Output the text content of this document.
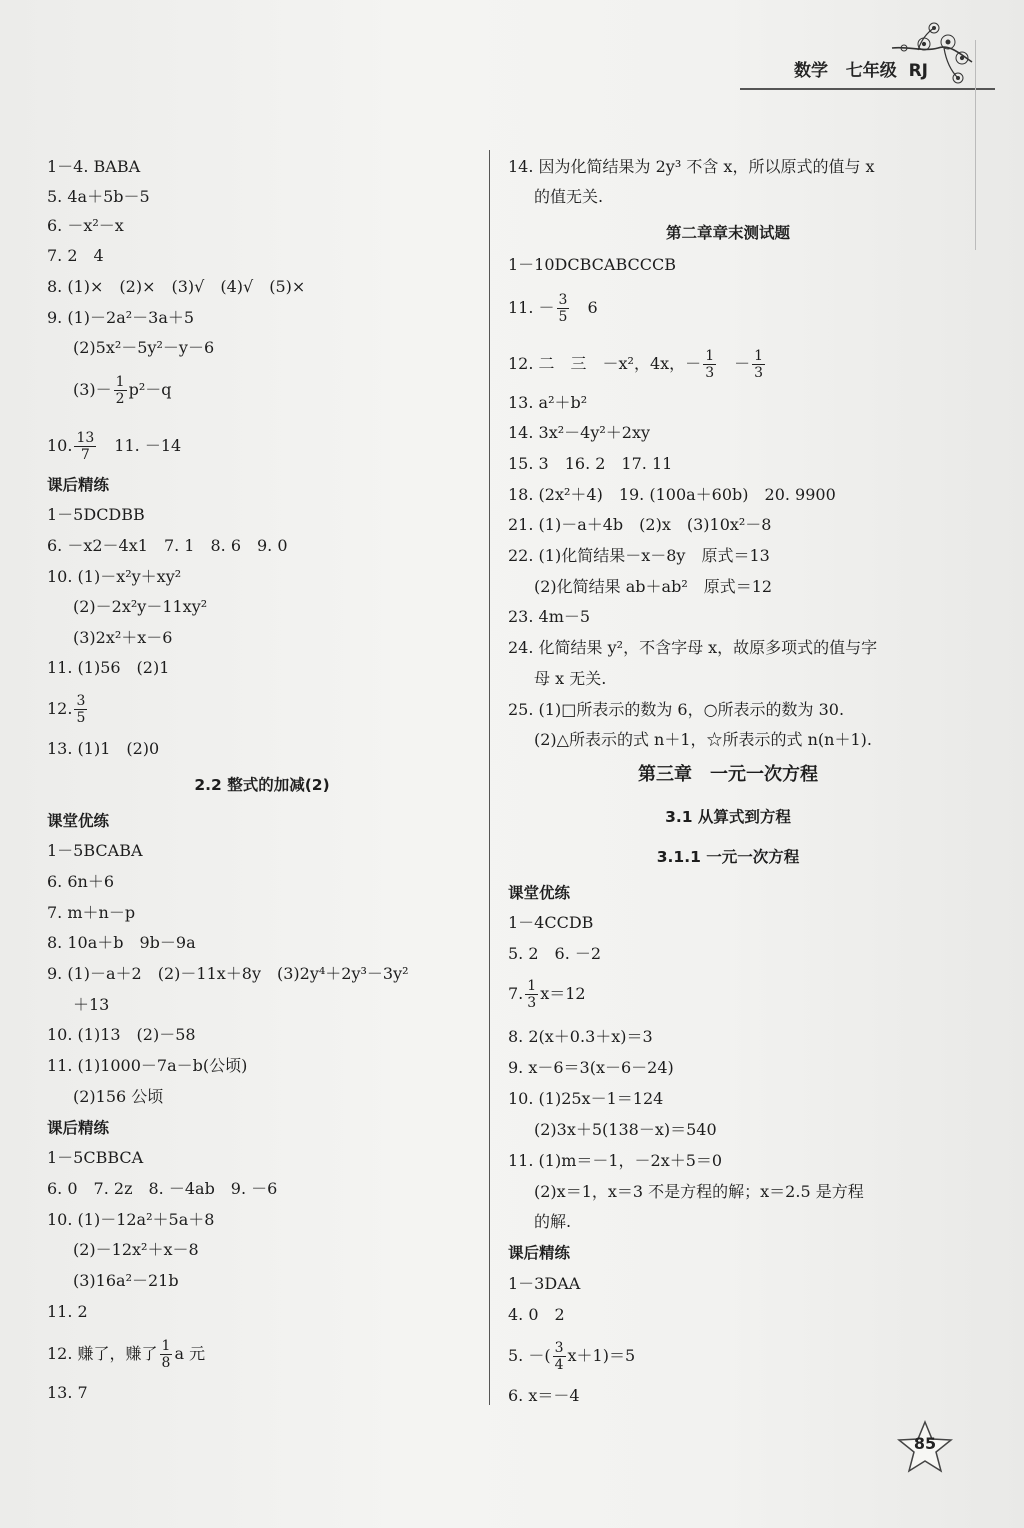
数学 七年级 RJ
1－4. BABA
5. 4a＋5b－5
6. －x²－x
7. 2　4
8. (1)×　(2)×　(3)√　(4)√　(5)×
9. (1)－2a²－3a＋5
(2)5x²－5y²－y－6
$(3)- \frac{1}{2} p^2-q$
10. $\frac{13}{7}$ 　11. －14
课后精练
1－5DCDBB
6. －x2－4x1　7. 1　8. 6　9. 0
10. (1)－x²y＋xy²
(2)－2x²y－11xy²
(3)2x²＋x－6
11. (1)56　(2)1
12. $\frac{3}{5}$
13. (1)1　(2)0
2.2 整式的加减(2)
课堂优练
1－5BCABA
6. 6n＋6
7. m＋n－p
8. 10a＋b　9b－9a
9. (1)－a＋2　(2)－11x＋8y　(3)2y⁴＋2y³－3y²
＋13
10. (1)13　(2)－58
11. (1)1000－7a－b(公顷)
(2)156 公顷
课后精练
1－5CBBCA
6. 0　7. 2z　8. －4ab　9. －6
10. (1)－12a²＋5a＋8
(2)－12x²＋x－8
(3)16a²－21b
11. 2
12. 赚了，赚了 $\frac{1}{8}$ a 元
13. 7
14. 因为化简结果为 2y³ 不含 x，所以原式的值与 x
的值无关.
第二章章末测试题
1－10DCBCABCCCB
11. － $\frac{3}{5}$ 　6
12. 二　三　－x²，4x，－ $\frac{1}{3}$ 　－ $\frac{1}{3}$
13. a²＋b²
14. 3x²－4y²＋2xy
15. 3　16. 2　17. 11
18. (2x²＋4)　19. (100a＋60b)　20. 9900
21. (1)－a＋4b　(2)x　(3)10x²－8
22. (1)化简结果－x－8y　原式＝13
(2)化简结果 ab＋ab²　原式＝12
23. 4m－5
24. 化简结果 y²，不含字母 x，故原多项式的值与字
母 x 无关.
25. (1)□所表示的数为 6，○所表示的数为 30.
(2)△所表示的式 n＋1，☆所表示的式 n(n＋1).
第三章　一元一次方程
3.1 从算式到方程
3.1.1 一元一次方程
课堂优练
1－4CCDB
5. 2　6. －2
7. $\frac{1}{3} x=12$
8. 2(x＋0.3＋x)＝3
9. x－6＝3(x－6－24)
10. (1)25x－1＝124
(2)3x＋5(138－x)＝540
11. (1)m＝－1，－2x＋5＝0
(2)x＝1，x＝3 不是方程的解；x＝2.5 是方程
的解.
课后精练
1－3DAA
4. 0　2
5. －( $\frac{3}{4} x+1)=5$
6. x＝－4
85
